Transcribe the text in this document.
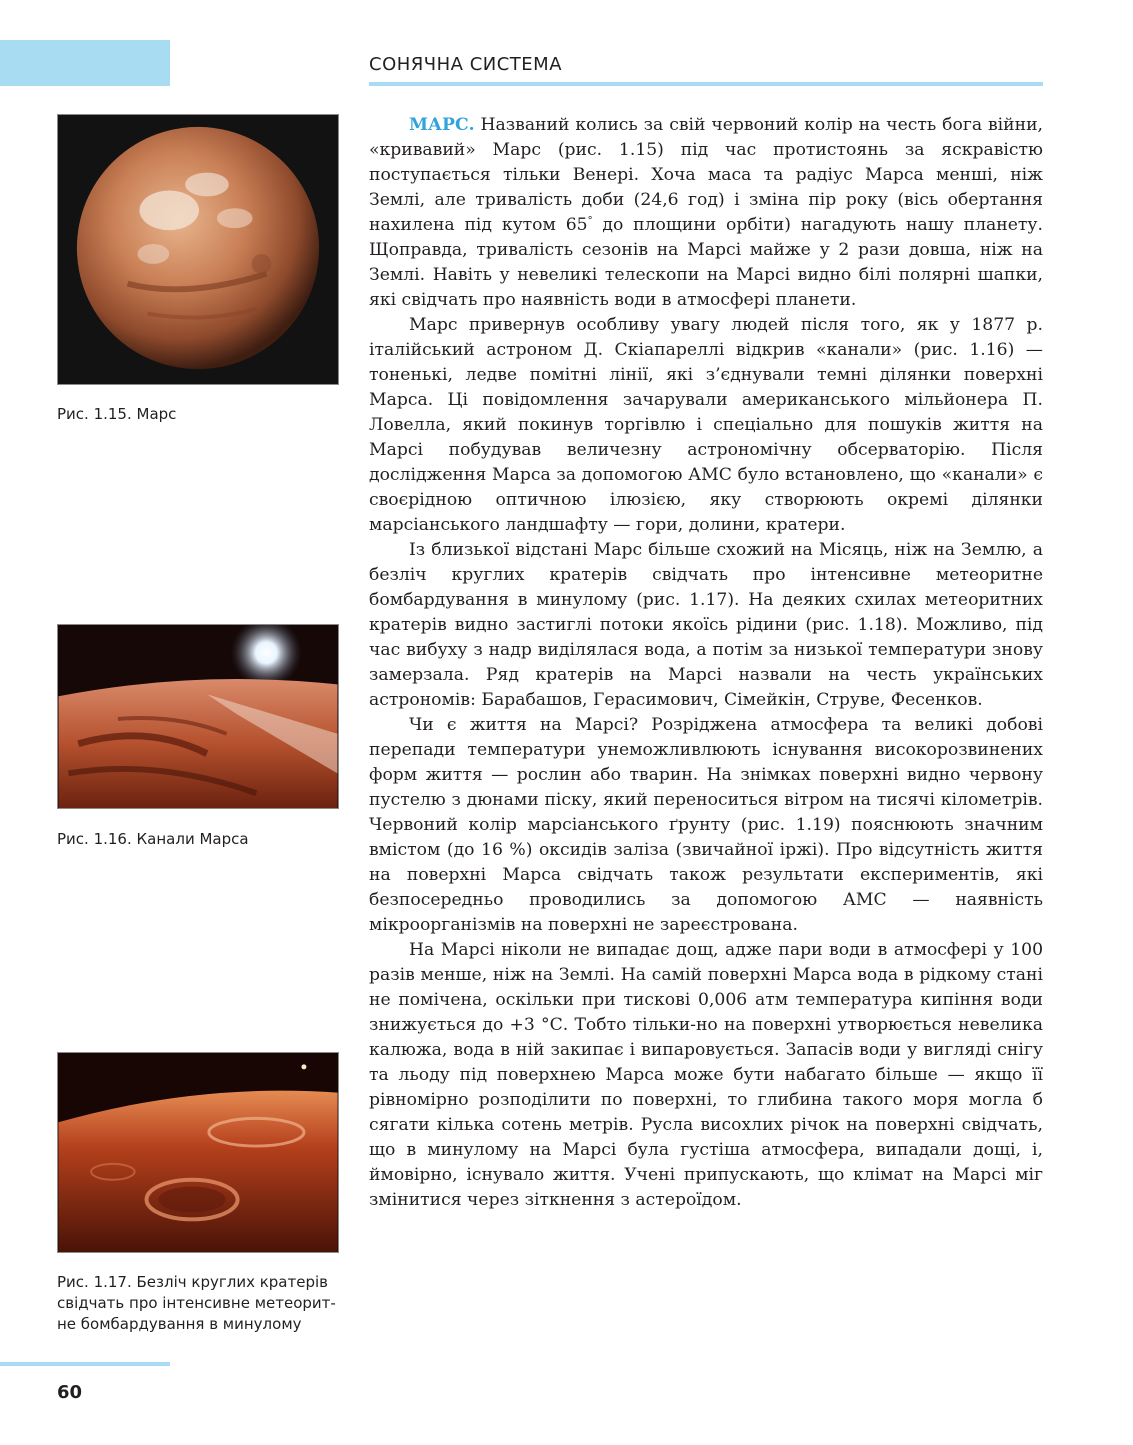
СОНЯЧНА СИСТЕМА
Рис. 1.15. Марс
Рис. 1.16. Канали Марса
Рис. 1.17. Безліч круглих кратерів свідчать про інтенсивне метеорит-не бомбардування в минулому

МАРС. Названий колись за свій червоний колір на честь бога війни, «кривавий» Марс (рис. 1.15) під час протистоянь за яскравістю поступається тільки Венері. Хоча маса та радіус Марса менші, ніж Землі, але тривалість доби (24,6 год) і зміна пір року (вісь обертання нахилена під кутом 65° до площини орбіти) нагадують нашу планету. Щоправда, тривалість сезонів на Марсі майже у 2 рази довша, ніж на Землі. Навіть у невеликі телескопи на Марсі видно білі полярні шапки, які свідчать про наявність води в атмосфері планети.

Марс привернув особливу увагу людей після того, як у 1877 р. італійський астроном Д. Скіапареллі відкрив «канали» (рис. 1.16) — тоненькі, ледве помітні лінії, які з’єднували темні ділянки поверхні Марса. Ці повідомлення зачарували американського мільйонера П. Ловелла, який покинув торгівлю і спеціально для пошуків життя на Марсі побудував величезну астрономічну обсерваторію. Після дослідження Марса за допомогою АМС було встановлено, що «канали» є своєрідною оптичною ілюзією, яку створюють окремі ділянки марсіанського ландшафту — гори, долини, кратери.

Із близької відстані Марс більше схожий на Місяць, ніж на Землю, а безліч круглих кратерів свідчать про інтенсивне метеоритне бомбардування в минулому (рис. 1.17). На деяких схилах метеоритних кратерів видно застиглі потоки якоїсь рідини (рис. 1.18). Можливо, під час вибуху з надр виділялася вода, а потім за низької температури знову замерзала. Ряд кратерів на Марсі назвали на честь українських астрономів: Барабашов, Герасимович, Сімейкін, Струве, Фесенков.

Чи є життя на Марсі? Розріджена атмосфера та великі добові перепади температури унеможливлюють існування високорозвинених форм життя — рослин або тварин. На знімках поверхні видно червону пустелю з дюнами піску, який переноситься вітром на тисячі кілометрів. Червоний колір марсіанського ґрунту (рис. 1.19) пояснюють значним вмістом (до 16 %) оксидів заліза (звичайної іржі). Про відсутність життя на поверхні Марса свідчать також результати експериментів, які безпосередньо проводились за допомогою АМС — наявність мікроорганізмів на поверхні не зареєстрована.

На Марсі ніколи не випадає дощ, адже пари води в атмосфері у 100 разів менше, ніж на Землі. На самій поверхні Марса вода в рідкому стані не помічена, оскільки при тискові 0,006 атм температура кипіння води знижується до +3 °С. Тобто тільки-но на поверхні утворюється невелика калюжа, вода в ній закипає і випаровується. Запасів води у вигляді снігу та льоду під поверхнею Марса може бути набагато більше — якщо її рівномірно розподілити по поверхні, то глибина такого моря могла б сягати кілька сотень метрів. Русла висохлих річок на поверхні свідчать, що в минулому на Марсі була густіша атмосфера, випадали дощі, і, ймовірно, існувало життя. Учені припускають, що клімат на Марсі міг змінитися через зіткнення з астероїдом.

60
